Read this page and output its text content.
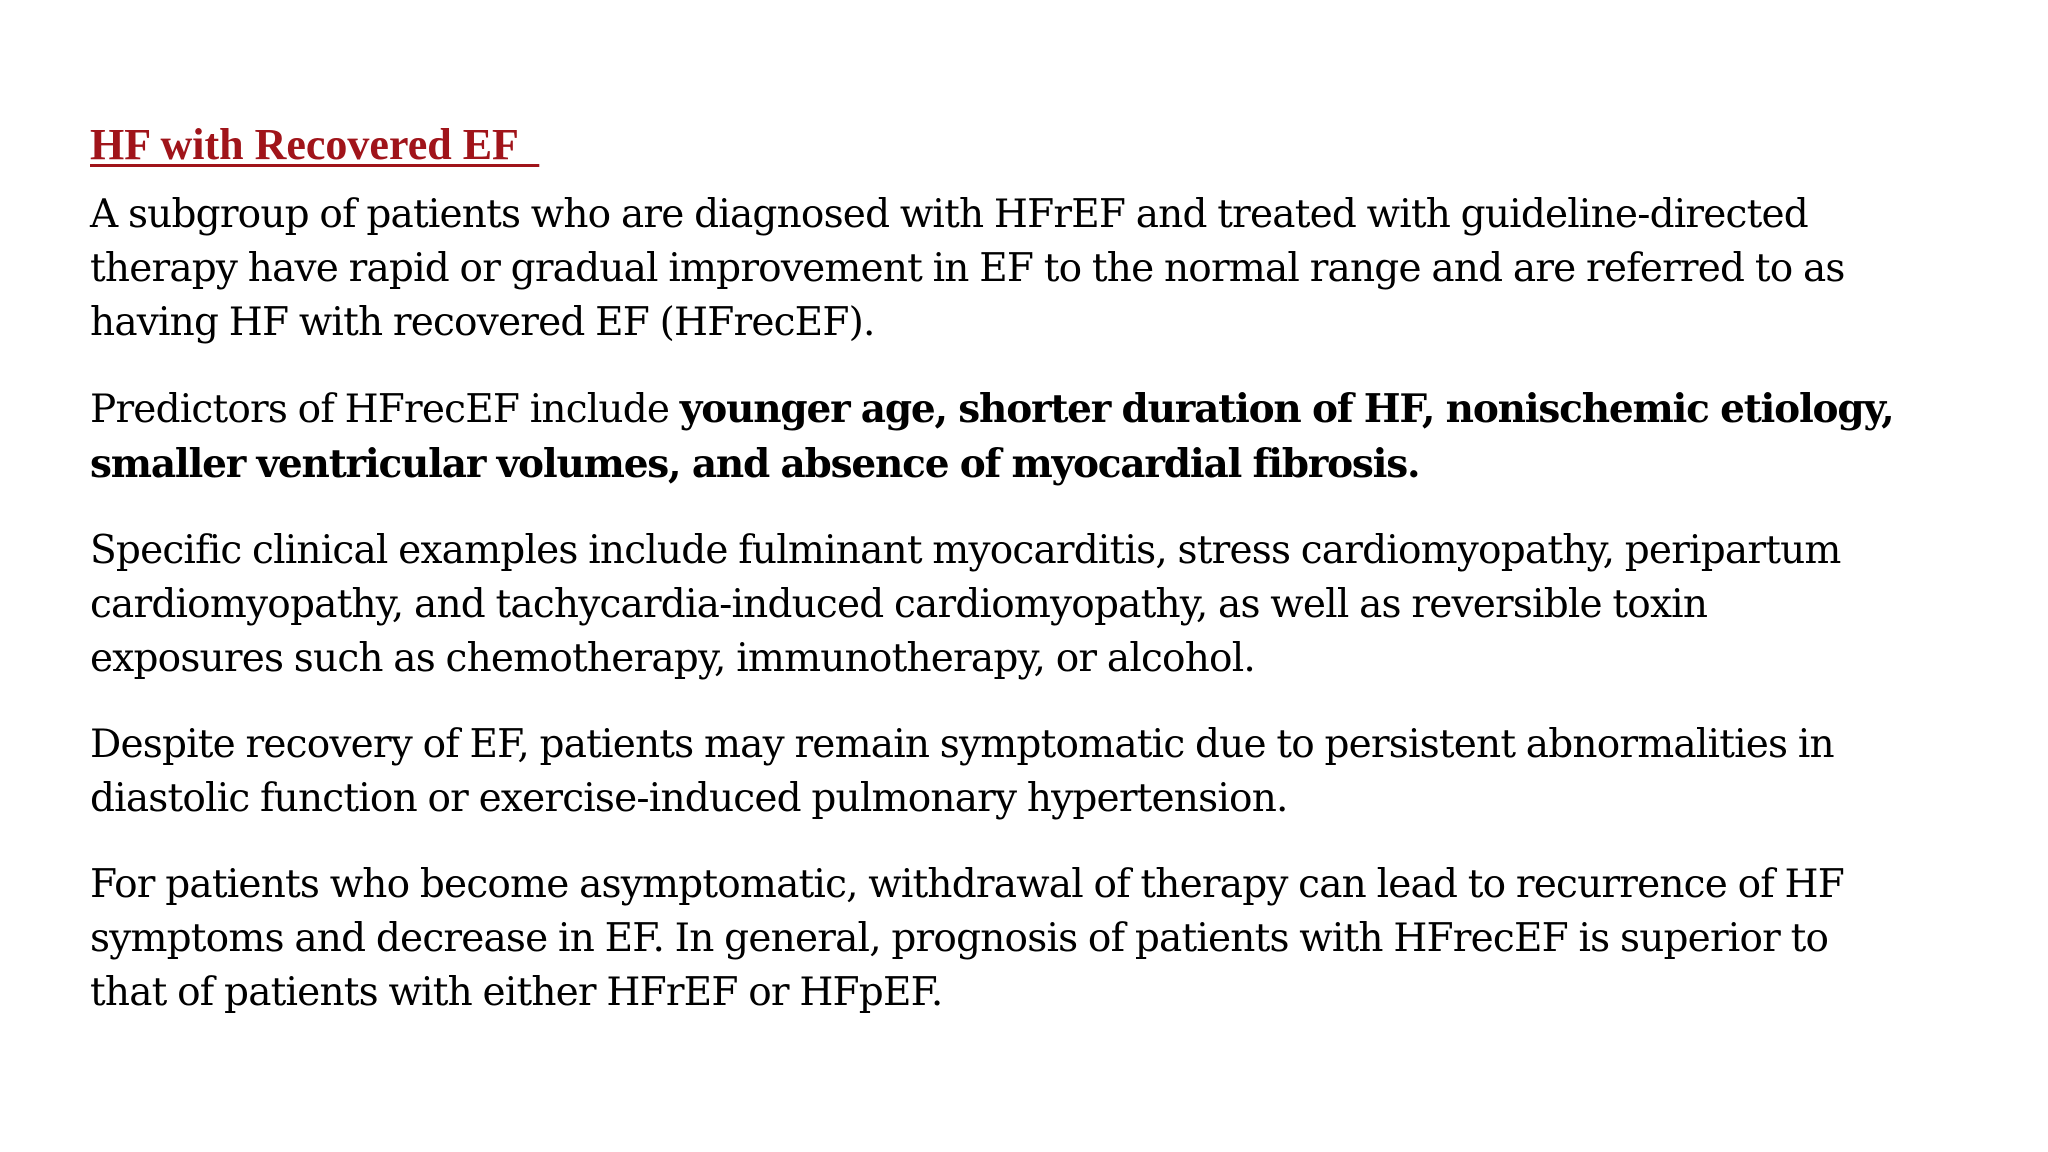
HF with Recovered EF
A subgroup of patients who are diagnosed with HFrEF and treated with guideline-directed
therapy have rapid or gradual improvement in EF to the normal range and are referred to as
having HF with recovered EF (HFrecEF).
Predictors of HFrecEF include younger age, shorter duration of HF, nonischemic etiology,
smaller ventricular volumes, and absence of myocardial fibrosis.
Specific clinical examples include fulminant myocarditis, stress cardiomyopathy, peripartum
cardiomyopathy, and tachycardia-induced cardiomyopathy, as well as reversible toxin
exposures such as chemotherapy, immunotherapy, or alcohol.
Despite recovery of EF, patients may remain symptomatic due to persistent abnormalities in
diastolic function or exercise-induced pulmonary hypertension.
For patients who become asymptomatic, withdrawal of therapy can lead to recurrence of HF
symptoms and decrease in EF. In general, prognosis of patients with HFrecEF is superior to
that of patients with either HFrEF or HFpEF.
